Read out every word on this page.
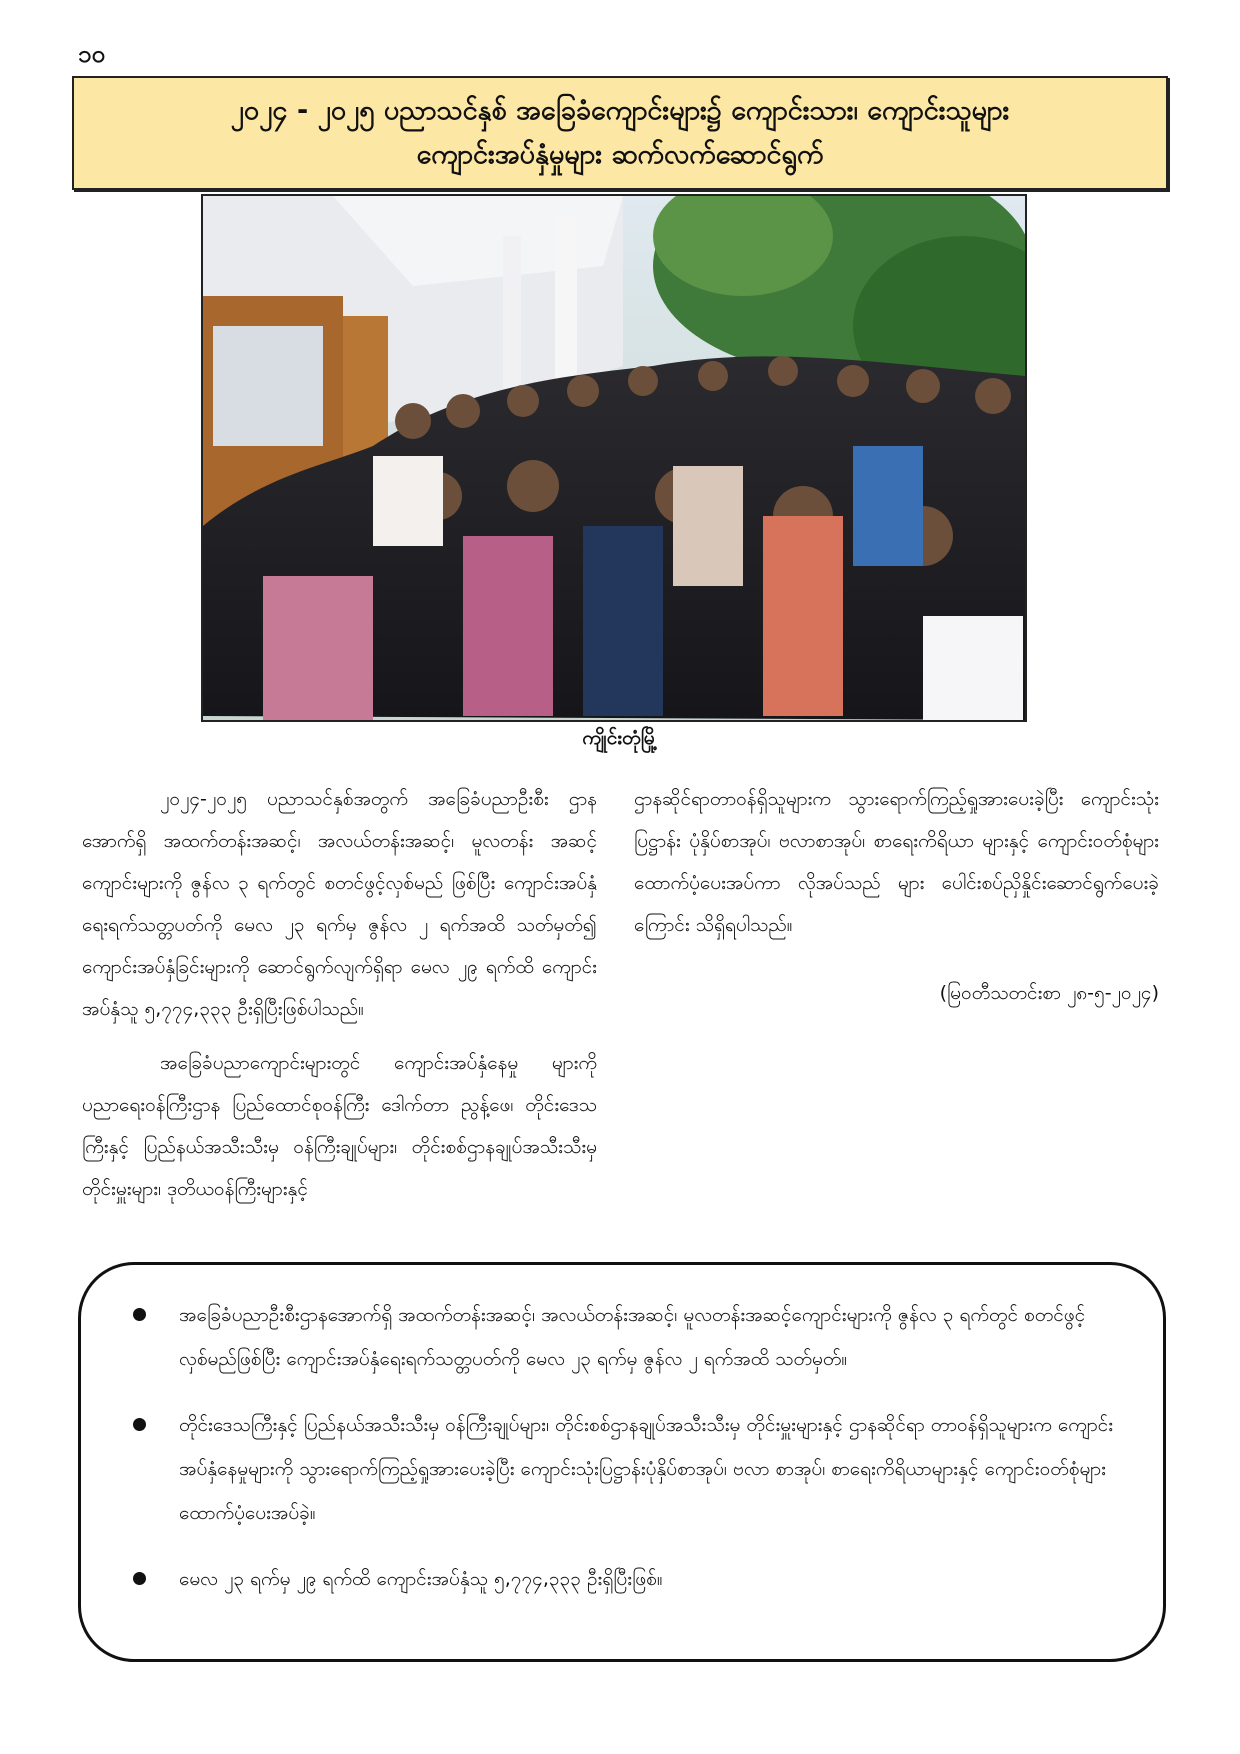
၁၀
၂၀၂၄ - ၂၀၂၅ ပညာသင်နှစ် အခြေခံကျောင်းများ၌ ကျောင်းသား၊ ကျောင်းသူများ
ကျောင်းအပ်နှံမှုများ ဆက်လက်ဆောင်ရွက်
ကျိုင်းတုံမြို့

၂၀၂၄-၂၀၂၅ ပညာသင်နှစ်အတွက် အခြေခံပညာဦးစီး ဌာနအောက်ရှိ အထက်တန်းအဆင့်၊ အလယ်တန်းအဆင့်၊ မူလတန်း အဆင့်ကျောင်းများကို ဇွန်လ ၃ ရက်တွင် စတင်ဖွင့်လှစ်မည် ဖြစ်ပြီး ကျောင်းအပ်နှံရေးရက်သတ္တပတ်ကို မေလ ၂၃ ရက်မှ ဇွန်လ ၂ ရက်အထိ သတ်မှတ်၍ ကျောင်းအပ်နှံခြင်းများကို ဆောင်ရွက်လျက်ရှိရာ မေလ ၂၉ ရက်ထိ ကျောင်းအပ်နှံသူ ၅,၇၇၄,၃၃၃ ဦးရှိပြီးဖြစ်ပါသည်။

အခြေခံပညာကျောင်းများတွင် ကျောင်းအပ်နှံနေမှု များကို ပညာရေးဝန်ကြီးဌာန ပြည်ထောင်စုဝန်ကြီး ဒေါက်တာ ညွန့်ဖေ၊ တိုင်းဒေသကြီးနှင့် ပြည်နယ်အသီးသီးမှ ဝန်ကြီးချုပ်များ၊ တိုင်းစစ်ဌာနချုပ်အသီးသီးမှ တိုင်းမှူးများ၊ ဒုတိယဝန်ကြီးများနှင့်

ဌာနဆိုင်ရာတာဝန်ရှိသူများက သွားရောက်ကြည့်ရှုအားပေးခဲ့ပြီး ကျောင်းသုံးပြဋ္ဌာန်း ပုံနှိပ်စာအုပ်၊ ဗလာစာအုပ်၊ စာရေးကိရိယာ များနှင့် ကျောင်းဝတ်စုံများ ထောက်ပံ့ပေးအပ်ကာ လိုအပ်သည် များ ပေါင်းစပ်ညှိနှိုင်းဆောင်ရွက်ပေးခဲ့ကြောင်း သိရှိရပါသည်။

(မြဝတီသတင်းစာ ၂၈-၅-၂၀၂၄)

အခြေခံပညာဦးစီးဌာနအောက်ရှိ အထက်တန်းအဆင့်၊ အလယ်တန်းအဆင့်၊ မူလတန်းအဆင့်ကျောင်းများကို ဇွန်လ ၃ ရက်တွင် စတင်ဖွင့်လှစ်မည်ဖြစ်ပြီး ကျောင်းအပ်နှံရေးရက်သတ္တပတ်ကို မေလ ၂၃ ရက်မှ ဇွန်လ ၂ ရက်အထိ သတ်မှတ်။
တိုင်းဒေသကြီးနှင့် ပြည်နယ်အသီးသီးမှ ဝန်ကြီးချုပ်များ၊ တိုင်းစစ်ဌာနချုပ်အသီးသီးမှ တိုင်းမှူးများနှင့် ဌာနဆိုင်ရာ တာဝန်ရှိသူများက ကျောင်းအပ်နှံနေမှုများကို သွားရောက်ကြည့်ရှုအားပေးခဲ့ပြီး ကျောင်းသုံးပြဋ္ဌာန်းပုံနှိပ်စာအုပ်၊ ဗလာ စာအုပ်၊ စာရေးကိရိယာများနှင့် ကျောင်းဝတ်စုံများ ထောက်ပံ့ပေးအပ်ခဲ့။
မေလ ၂၃ ရက်မှ ၂၉ ရက်ထိ ကျောင်းအပ်နှံသူ ၅,၇၇၄,၃၃၃ ဦးရှိပြီးဖြစ်။
